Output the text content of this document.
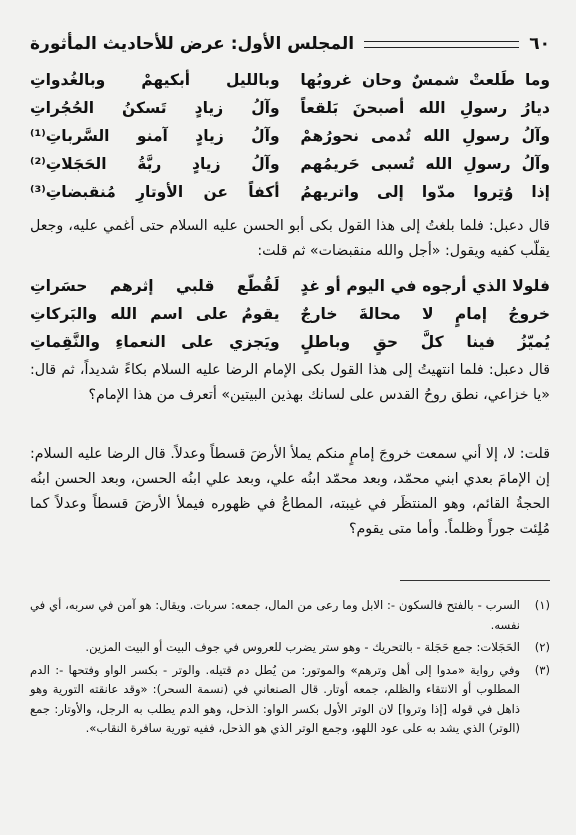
٦٠
المجلس الأول: عرض للأحاديث المأثورة
وما طَلعتْ شمسٌ وحان غروبُها
وبالليل أبكيهمْ وبالغُدواتِ
ديارُ رسولِ الله أصبحنَ بَلقعاً
وآلُ زيادٍ تَسكنُ الحُجُراتِ
وآلُ رسولِ الله تُدمى نحورُهمْ
وآلُ زيادٍ آمنو السَّرباتِ⁽¹⁾
وآلُ رسولِ الله تُسبى حَريمُهم
وآلُ زيادٍ ربَّةُ الحَجَلاتِ⁽²⁾
إذا وُتِروا مدّوا إلى واتريهمُ
أكفاً عن الأوتارِ مُنقبضاتِ⁽³⁾

قال دعبل: فلما بلغتُ إلى هذا القول بكى أبو الحسن عليه السلام حتى أغمي عليه، وجعل يقلّب كفيه ويقول: «أجل والله منقبضات» ثم قلت:

فلولا الذي أرجوه في اليوم أو غدٍ
لَقُطّع قلبي إثرهم حسَراتِ
خروجُ إمامٍ لا محالةَ خارجٌ
يقومُ على اسم الله والبَركاتِ
يُميّزُ فينا كلَّ حقٍ وباطلٍ
ويَجزي على النعماءِ والنَّقِماتِ

قال دعبل: فلما انتهيتُ إلى هذا القول بكى الإمام الرضا عليه السلام بكاءً شديداً، ثم قال: «يا خزاعي، نطق روحُ القدس على لسانك بهذين البيتين» أتعرف من هذا الإمام؟

قلت: لا، إلا أني سمعت خروجَ إمامٍ منكم يملأ الأرضَ قسطاً وعدلاً. قال الرضا عليه السلام: إن الإمامَ بعدي ابني محمّد، وبعد محمّد ابنُه علي، وبعد علي ابنُه الحسن، وبعد الحسن ابنُه الحجةُ القائم، وهو المنتظَر في غيبته، المطاعُ في ظهوره فيملأ الأرضَ قسطاً وعدلاً كما مُلِئت جوراً وظلماً. وأما متى يقوم؟

(١)
السرب - بالفتح فالسكون -: الابل وما رعى من المال، جمعه: سربات. ويقال: هو آمن في سربه، أي في نفسه.
(٢)
الحَجَلات: جمع حَجَلة - بالتحريك - وهو ستر يضرب للعروس في جوف البيت أو البيت المزين.
(٣)
وفي رواية «مدوا إلى أهل وترهم» والموتور: من يُطل دم قتيله. والوتر - بكسر الواو وفتحها -: الدم المطلوب أو الانتقاء والظلم، جمعه أوتار. قال الصنعاني في (نسمة السحر): «وقد عانقته التورية وهو ذاهل في قوله [إذا وتروا] لان الوتر الأول بكسر الواو: الذحل، وهو الدم يطلب به الرجل، والأوتار: جمع (الوتر) الذي يشد به على عود اللهو، وجمع الوتر الذي هو الذحل، ففيه تورية سافرة النقاب».
